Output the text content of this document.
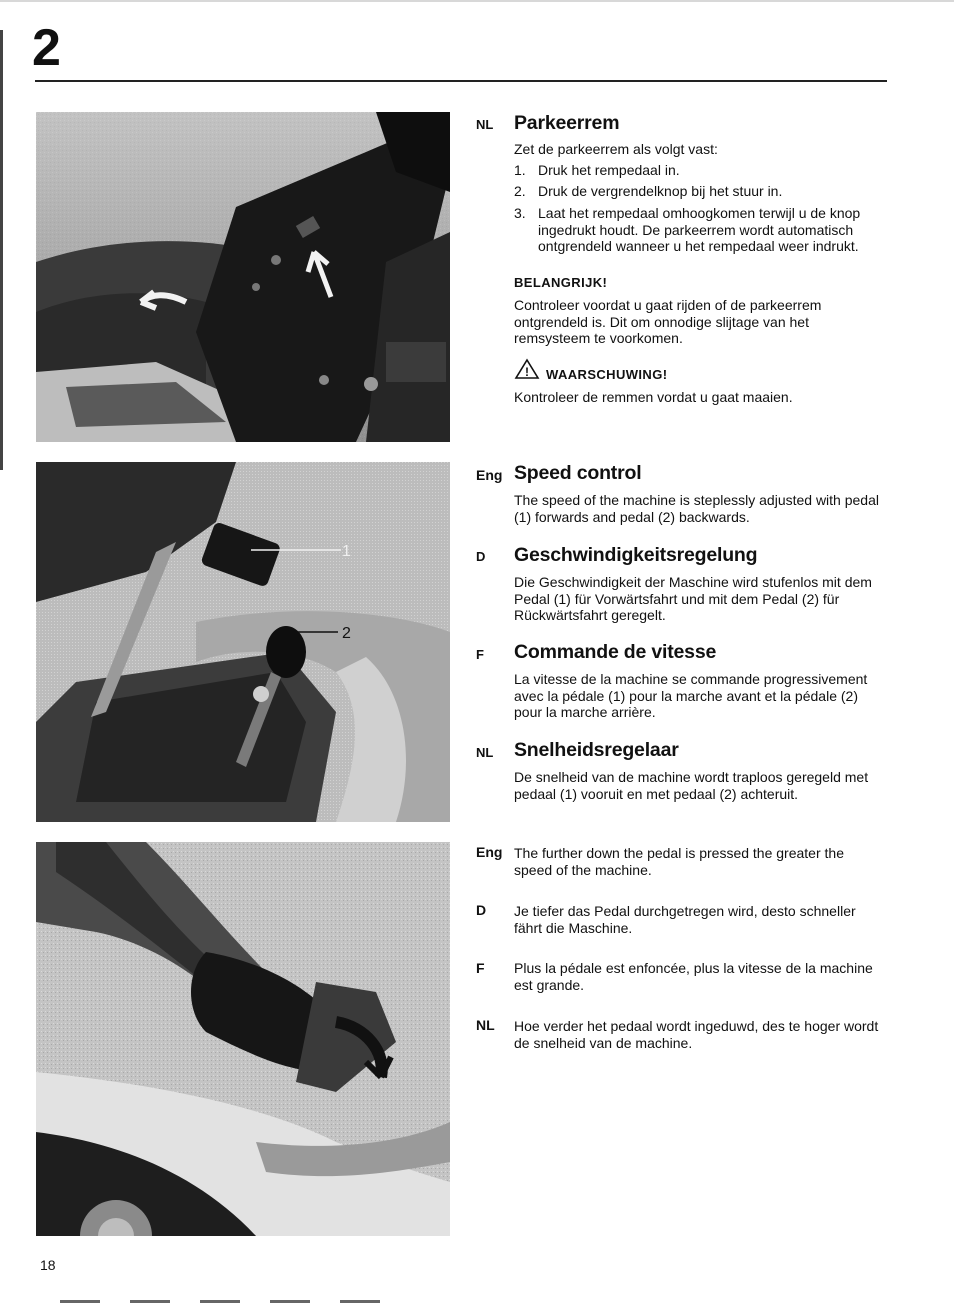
2
1
2
NL Parkeerrem

Zet de parkeerrem als volgt vast:

1. Druk het rempedaal in.
2. Druk de vergrendelknop bij het stuur in.
3. Laat het rempedaal omhoogkomen terwijl u de knop ingedrukt houdt. De parkeerrem wordt automatisch ontgrendeld wanneer u het rempedaal weer indrukt.
BELANGRIJK!

Controleer voordat u gaat rijden of de parkeerrem ontgrendeld is. Dit om onnodige slijtage van het remsysteem te voorkomen.

! WAARSCHUWING!

Kontroleer de remmen vordat u gaat maaien.

Eng Speed control

The speed of the machine is steplessly adjusted with pedal (1) forwards and pedal (2) backwards.

D Geschwindigkeitsregelung

Die Geschwindigkeit der Maschine wird stufenlos mit dem Pedal (1) für Vorwärtsfahrt und mit dem Pedal (2) für Rückwärtsfahrt geregelt.

F Commande de vitesse

La vitesse de la machine se commande progressivement avec la pédale (1) pour la marche avant et la pédale (2) pour la marche arrière.

NL Snelheidsregelaar

De snelheid van de machine wordt traploos geregeld met pedaal (1) vooruit en met pedaal (2) achteruit.

Eng The further down the pedal is pressed the greater the speed of the machine.

D Je tiefer das Pedal durchgetregen wird, desto schneller fährt die Maschine.

F Plus la pédale est enfoncée, plus la vitesse de la machine est grande.

NL Hoe verder het pedaal wordt ingeduwd, des te hoger wordt de snelheid van de machine.

18
